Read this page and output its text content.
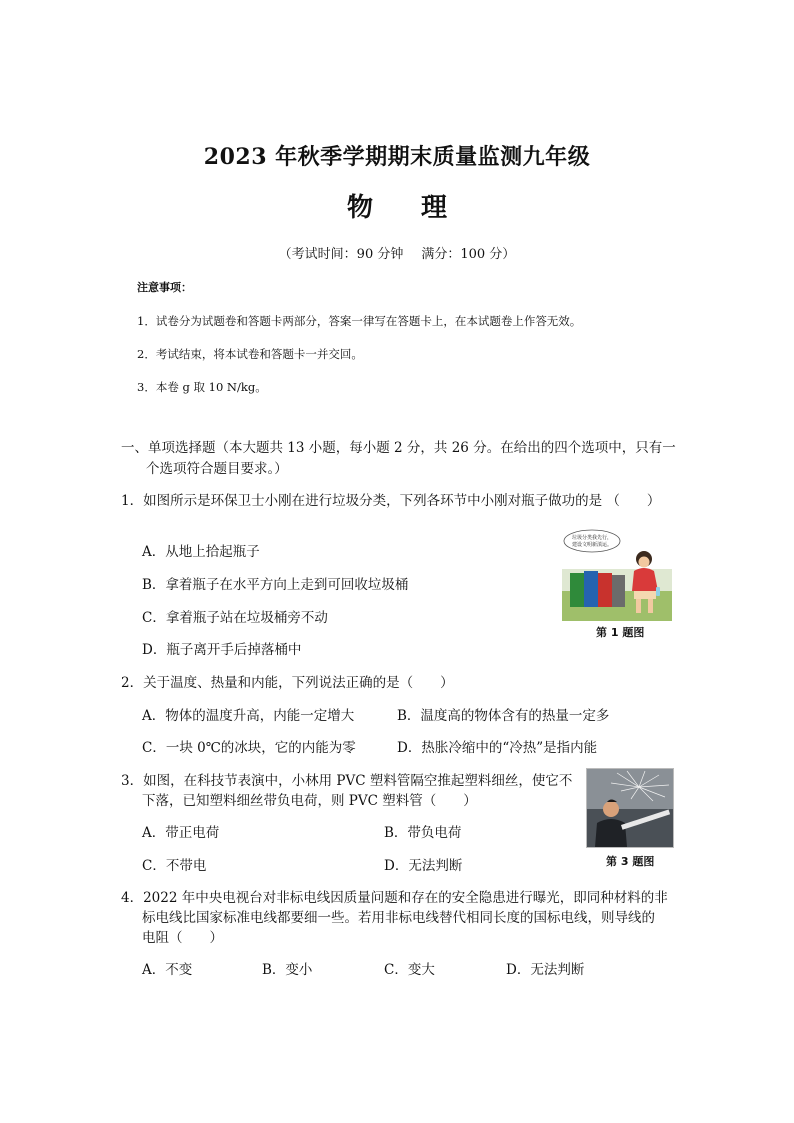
2023 年秋季学期期末质量监测九年级
物 理
（考试时间：90 分钟 满分：100 分）
注意事项：
1．试卷分为试题卷和答题卡两部分，答案一律写在答题卡上，在本试题卷上作答无效。
2．考试结束，将本试卷和答题卡一并交回。
3．本卷 g 取 10 N/kg。
一、单项选择题（本大题共 13 小题，每小题 2 分，共 26 分。在给出的四个选项中，只有一
个选项符合题目要求。）
1．如图所示是环保卫士小刚在进行垃圾分类，下列各环节中小刚对瓶子做功的是 （　　）
A．从地上拾起瓶子
B．拿着瓶子在水平方向上走到可回收垃圾桶
C．拿着瓶子站在垃圾桶旁不动
D．瓶子离开手后掉落桶中
垃圾分类我先行，
建设文明新滇运。
第 1 题图
2．关于温度、热量和内能，下列说法正确的是（　　）
A．物体的温度升高，内能一定增大	B．温度高的物体含有的热量一定多
C．一块 0℃的冰块，它的内能为零	D．热胀冷缩中的“冷热”是指内能
3．如图，在科技节表演中，小林用 PVC 塑料管隔空推起塑料细丝，使它不
下落，已知塑料细丝带负电荷，则 PVC 塑料管（　　）
A．带正电荷	B．带负电荷
C．不带电	D．无法判断	第 3 题图
4．2022 年中央电视台对非标电线因质量问题和存在的安全隐患进行曝光，即同种材料的非
标电线比国家标准电线都要细一些。若用非标电线替代相同长度的国标电线，则导线的
电阻（　　）
A．不变	B．变小	C．变大	D．无法判断
